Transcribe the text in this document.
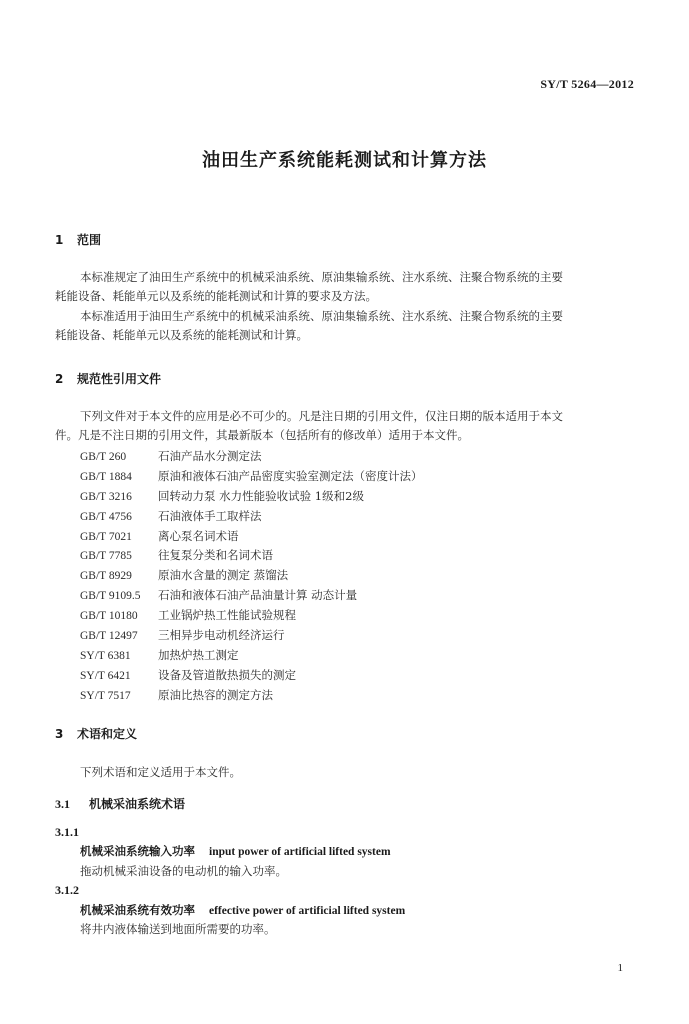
SY/T 5264—2012
油田生产系统能耗测试和计算方法
1 范围
本标准规定了油田生产系统中的机械采油系统、原油集输系统、注水系统、注聚合物系统的主要
耗能设备、耗能单元以及系统的能耗测试和计算的要求及方法。
本标准适用于油田生产系统中的机械采油系统、原油集输系统、注水系统、注聚合物系统的主要
耗能设备、耗能单元以及系统的能耗测试和计算。
2 规范性引用文件
下列文件对于本文件的应用是必不可少的。凡是注日期的引用文件，仅注日期的版本适用于本文
件。凡是不注日期的引用文件，其最新版本（包括所有的修改单）适用于本文件。
GB/T 260	石油产品水分测定法
GB/T 1884 原油和液体石油产品密度实验室测定法（密度计法）
GB/T 3216 回转动力泵 水力性能验收试验 1级和2级
GB/T 4756 石油液体手工取样法
GB/T 7021 离心泵名词术语
GB/T 7785 往复泵分类和名词术语
GB/T 8929 原油水含量的测定 蒸馏法
GB/T 9109.5 石油和液体石油产品油量计算 动态计量
GB/T 10180 工业锅炉热工性能试验规程
GB/T 12497 三相异步电动机经济运行
SY/T 6381 加热炉热工测定
SY/T 6421 设备及管道散热损失的测定
SY/T 7517 原油比热容的测定方法
3 术语和定义
下列术语和定义适用于本文件。
3.1 机械采油系统术语
3.1.1
机械采油系统输入功率 input power of artificial lifted system
拖动机械采油设备的电动机的输入功率。
3.1.2
机械采油系统有效功率 effective power of artificial lifted system
将井内液体输送到地面所需要的功率。
1
